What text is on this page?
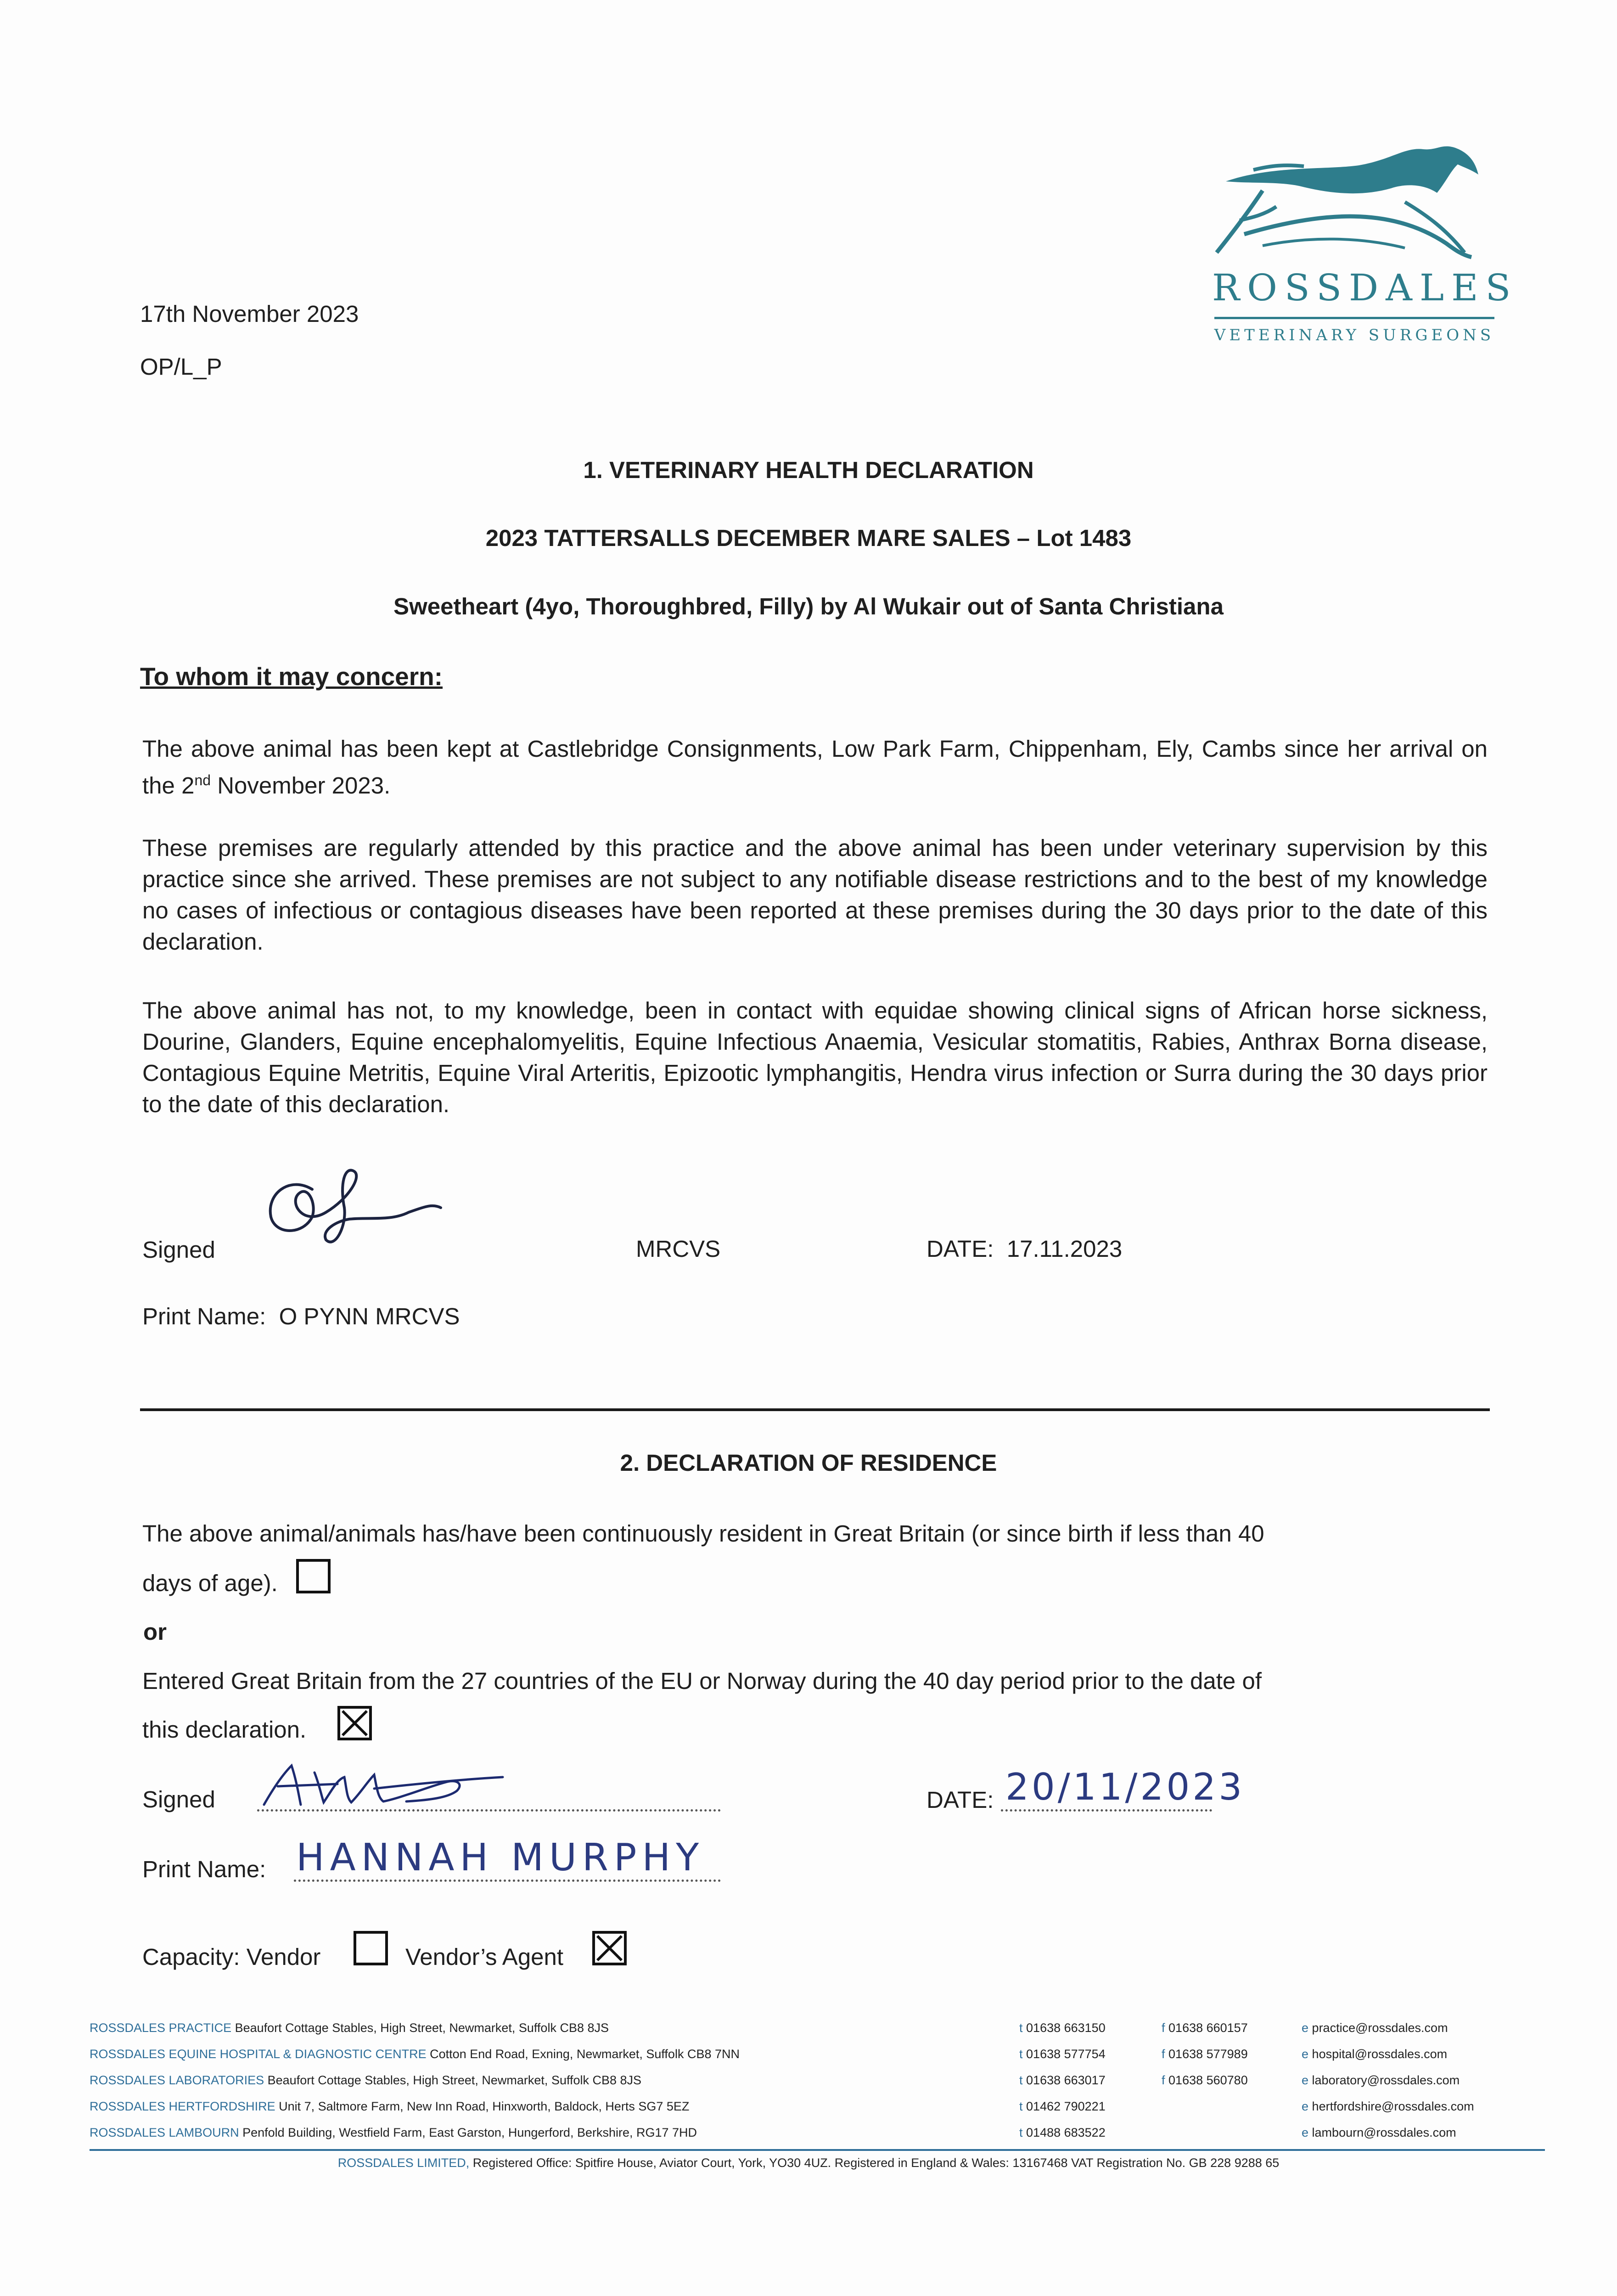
ROSSDALES
VETERINARY SURGEONS
17th November 2023
OP/L_P
1. VETERINARY HEALTH DECLARATION
2023 TATTERSALLS DECEMBER MARE SALES – Lot 1483
Sweetheart (4yo, Thoroughbred, Filly) by Al Wukair out of Santa Christiana
To whom it may concern:
The above animal has been kept at Castlebridge Consignments, Low Park Farm, Chippenham, Ely, Cambs since her arrival on the 2nd November 2023.
These premises are regularly attended by this practice and the above animal has been under veterinary supervision by this practice since she arrived. These premises are not subject to any notifiable disease restrictions and to the best of my knowledge no cases of infectious or contagious diseases have been reported at these premises during the 30 days prior to the date of this declaration.
The above animal has not, to my knowledge, been in contact with equidae showing clinical signs of African horse sickness, Dourine, Glanders, Equine encephalomyelitis, Equine Infectious Anaemia, Vesicular stomatitis, Rabies, Anthrax Borna disease, Contagious Equine Metritis, Equine Viral Arteritis, Epizootic lymphangitis, Hendra virus infection or Surra during the 30 days prior to the date of this declaration.
Signed	MRCVS	DATE: 17.11.2023
Print Name: O PYNN MRCVS
2. DECLARATION OF RESIDENCE
The above animal/animals has/have been continuously resident in Great Britain (or since birth if less than 40
days of age).
or
Entered Great Britain from the 27 countries of the EU or Norway during the 40 day period prior to the date of
this declaration.
Signed	DATE: 20/11/2023
Print Name: HANNAH MURPHY
Capacity: Vendor	Vendor’s Agent
ROSSDALES PRACTICE Beaufort Cottage Stables, High Street, Newmarket, Suffolk CB8 8JS	t 01638 663150	f 01638 660157	e practice@rossdales.com
ROSSDALES EQUINE HOSPITAL & DIAGNOSTIC CENTRE Cotton End Road, Exning, Newmarket, Suffolk CB8 7NN	t 01638 577754	f 01638 577989	e hospital@rossdales.com
ROSSDALES LABORATORIES Beaufort Cottage Stables, High Street, Newmarket, Suffolk CB8 8JS	t 01638 663017	f 01638 560780	e laboratory@rossdales.com
ROSSDALES HERTFORDSHIRE Unit 7, Saltmore Farm, New Inn Road, Hinxworth, Baldock, Herts SG7 5EZ	t 01462 790221	e hertfordshire@rossdales.com
ROSSDALES LAMBOURN Penfold Building, Westfield Farm, East Garston, Hungerford, Berkshire, RG17 7HD	t 01488 683522	e lambourn@rossdales.com
ROSSDALES LIMITED, Registered Office: Spitfire House, Aviator Court, York, YO30 4UZ. Registered in England & Wales: 13167468 VAT Registration No. GB 228 9288 65
